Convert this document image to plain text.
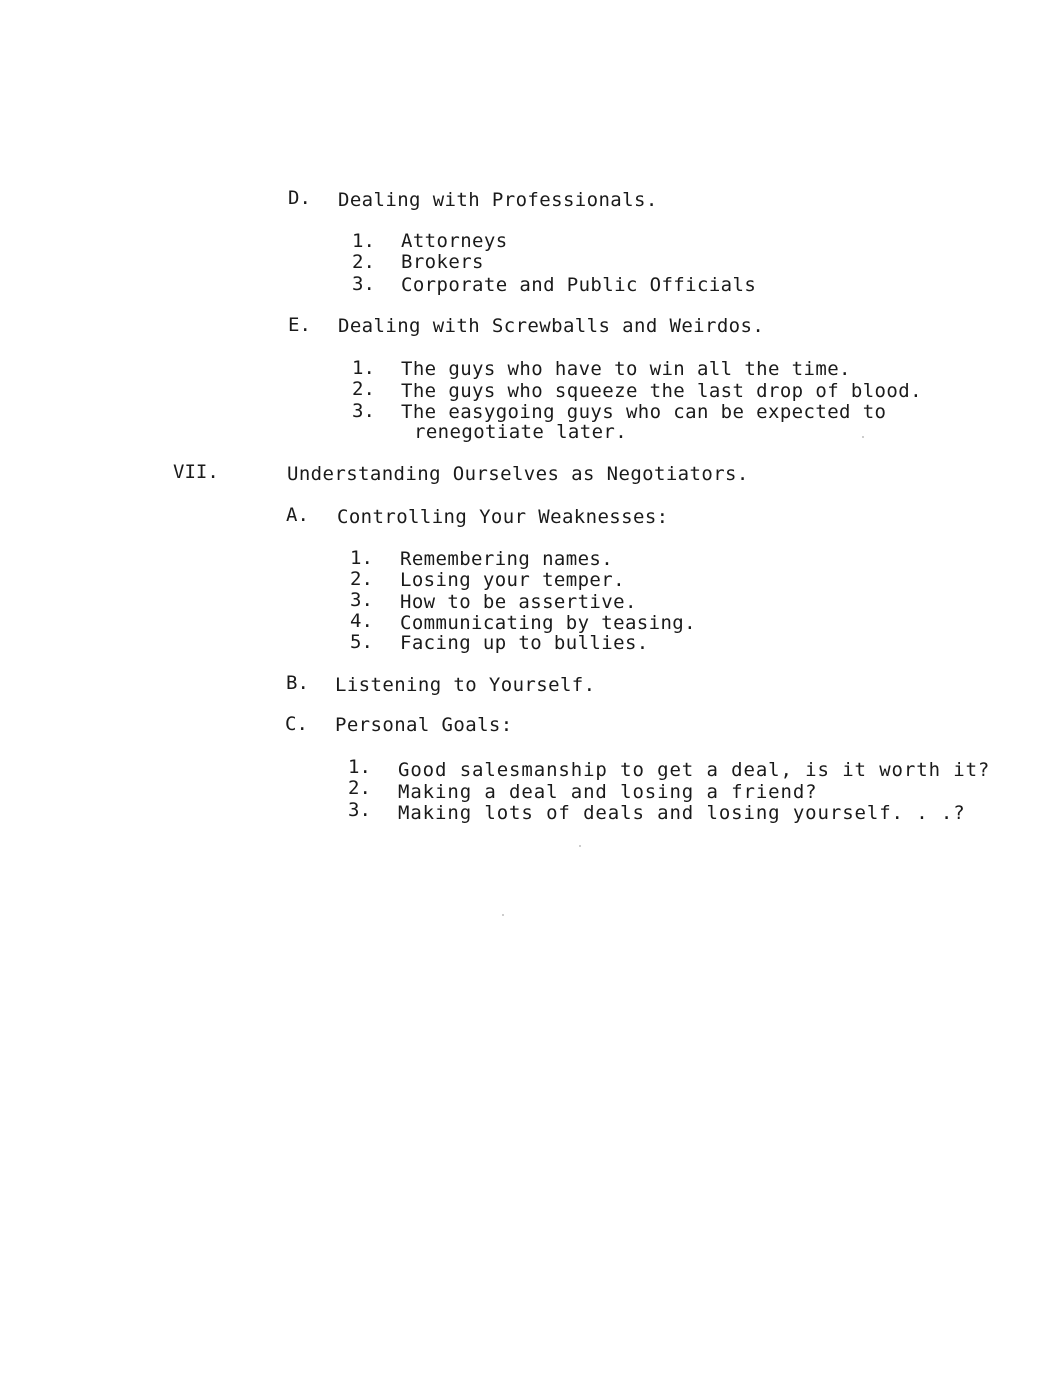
D. Dealing with Professionals.
1. Attorneys
2. Brokers
3. Corporate and Public Officials
E. Dealing with Screwballs and Weirdos.
1. The guys who have to win all the time.
2. The guys who squeeze the last drop of blood.
3. The easygoing guys who can be expected to
renegotiate later.
VII.	Understanding Ourselves as Negotiators.
A. Controlling Your Weaknesses:
1. Remembering names.
2. Losing your temper.
3. How to be assertive.
4. Communicating by teasing.
5. Facing up to bullies.
B. Listening to Yourself.
C. Personal Goals:
1. Good salesmanship to get a deal, is it worth it?
2. Making a deal and losing a friend?
3. Making lots of deals and losing yourself. . .?
